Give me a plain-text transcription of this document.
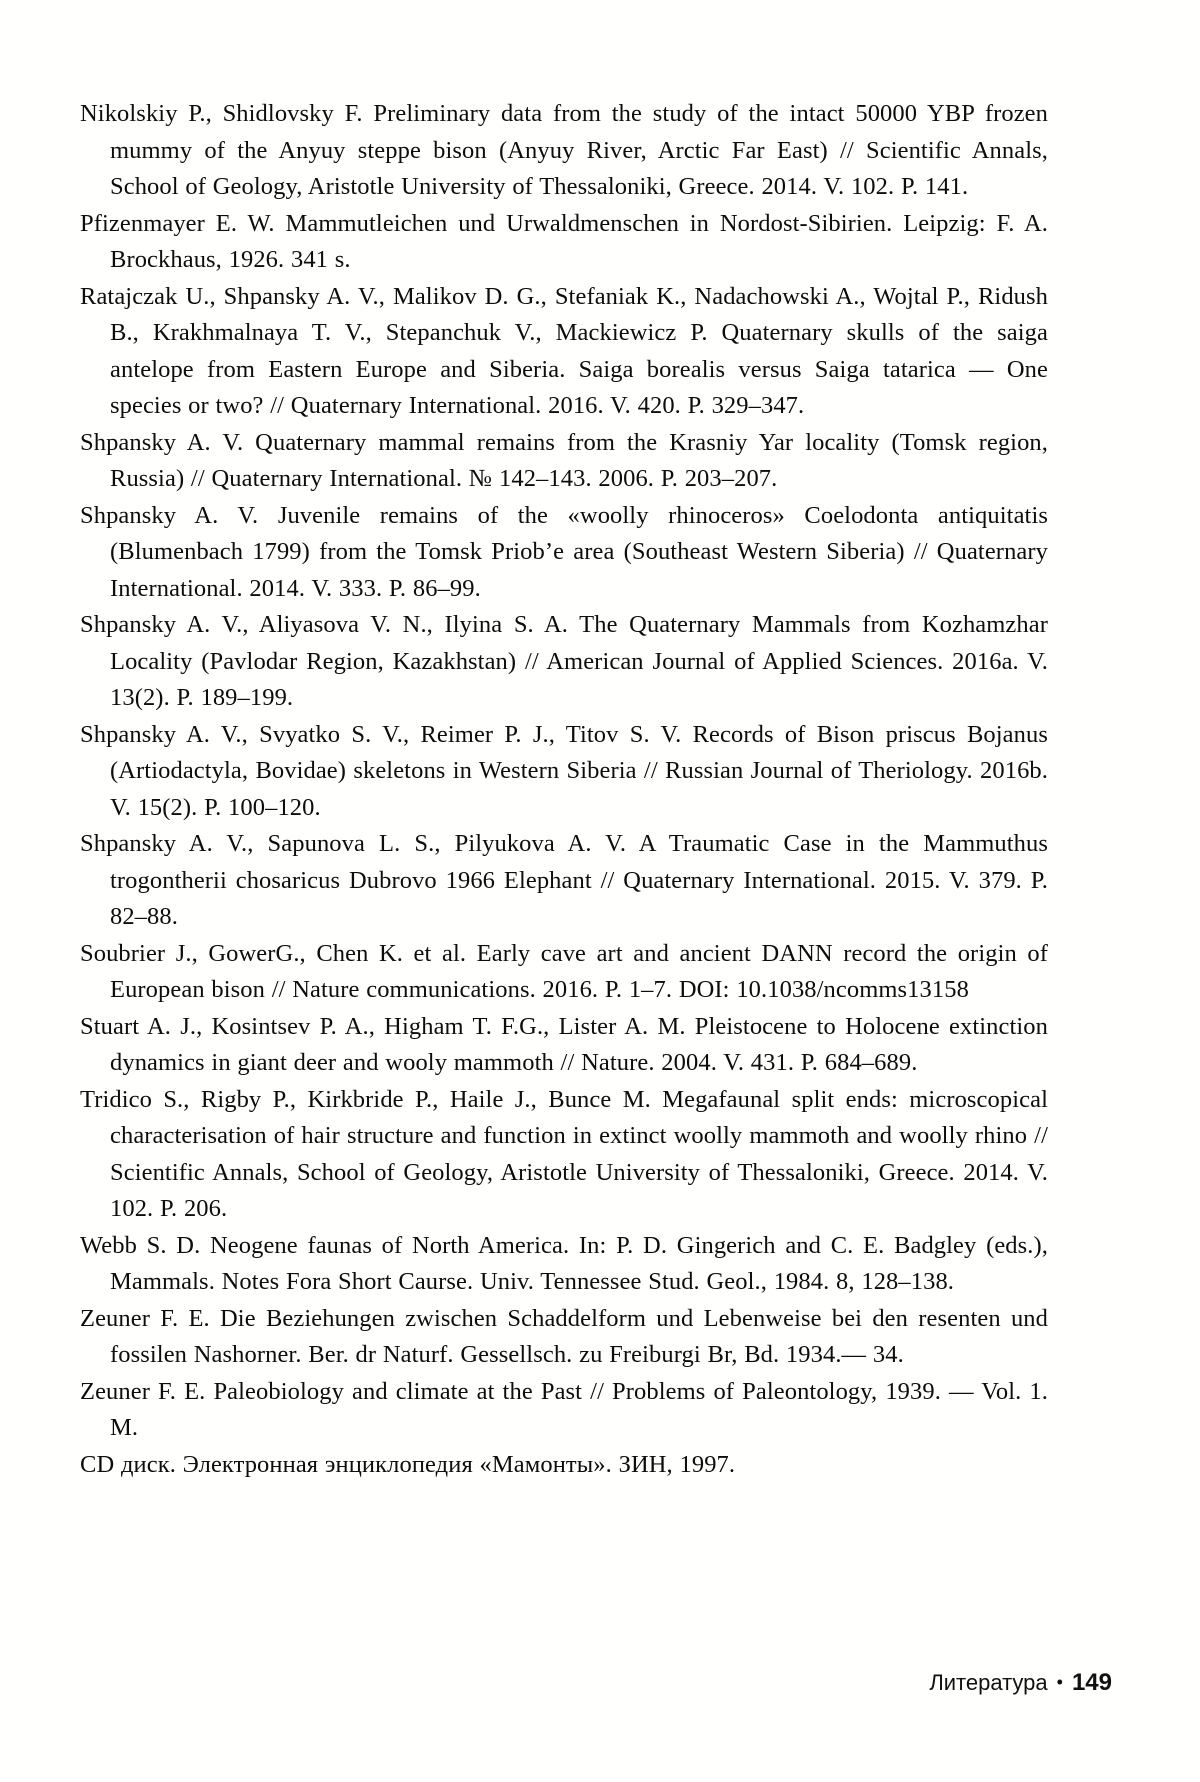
Nikolskiy P., Shidlovsky F. Preliminary data from the study of the intact 50000 YBP frozen mummy of the Anyuy steppe bison (Anyuy River, Arctic Far East) // Scientific Annals, School of Geology, Aristotle University of Thessaloniki, Greece. 2014. V. 102. P. 141.

Pfizenmayer E. W. Mammutleichen und Urwaldmenschen in Nordost-Sibirien. Leipzig: F. A. Brockhaus, 1926. 341 s.

Ratajczak U., Shpansky A. V., Malikov D. G., Stefaniak K., Nadachowski A., Wojtal P., Ridush B., Krakhmalnaya T. V., Stepanchuk V., Mackiewicz P. Quaternary skulls of the saiga antelope from Eastern Europe and Siberia. Saiga borealis versus Saiga tatarica — One species or two? // Quaternary International. 2016. V. 420. P. 329–347.

Shpansky A. V. Quaternary mammal remains from the Krasniy Yar locality (Tomsk region, Russia) // Quaternary International. № 142–143. 2006. P. 203–207.

Shpansky A. V. Juvenile remains of the «woolly rhinoceros» Coelodonta antiquitatis (Blumenbach 1799) from the Tomsk Priob’e area (Southeast Western Siberia) // Quaternary International. 2014. V. 333. P. 86–99.

Shpansky A. V., Aliyasova V. N., Ilyina S. A. The Quaternary Mammals from Kozhamzhar Locality (Pavlodar Region, Kazakhstan) // American Journal of Applied Sciences. 2016a. V. 13(2). P. 189–199.

Shpansky A. V., Svyatko S. V., Reimer P. J., Titov S. V. Records of Bison priscus Bojanus (Artiodactyla, Bovidae) skeletons in Western Siberia // Russian Journal of Theriology. 2016b. V. 15(2). P. 100–120.

Shpansky A. V., Sapunova L. S., Pilyukova A. V. A Traumatic Case in the Mammuthus trogontherii chosaricus Dubrovo 1966 Elephant // Quaternary International. 2015. V. 379. P. 82–88.

Soubrier J., GowerG., Chen K. et al. Early cave art and ancient DANN record the origin of European bison // Nature communications. 2016. P. 1–7. DOI: 10.1038/ncomms13158

Stuart A. J., Kosintsev P. A., Higham T. F.G., Lister A. M. Pleistocene to Holocene extinction dynamics in giant deer and wooly mammoth // Nature. 2004. V. 431. P. 684–689.

Tridico S., Rigby P., Kirkbride P., Haile J., Bunce M. Megafaunal split ends: microscopical characterisation of hair structure and function in extinct woolly mammoth and woolly rhino // Scientific Annals, School of Geology, Aristotle University of Thessaloniki, Greece. 2014. V. 102. P. 206.

Webb S. D. Neogene faunas of North America. In: P. D. Gingerich and C. E. Badgley (eds.), Mammals. Notes Fora Short Caurse. Univ. Tennessee Stud. Geol., 1984. 8, 128–138.

Zeuner F. E. Die Beziehungen zwischen Schaddelform und Lebenweise bei den resenten und fossilen Nashorner. Ber. dr Naturf. Gessellsch. zu Freiburgi Br, Bd. 1934.— 34.

Zeuner F. E. Paleobiology and climate at the Past // Problems of Paleontology, 1939. — Vol. 1. M.

CD диск. Электронная энциклопедия «Мамонты». ЗИН, 1997.

Литература • 149
